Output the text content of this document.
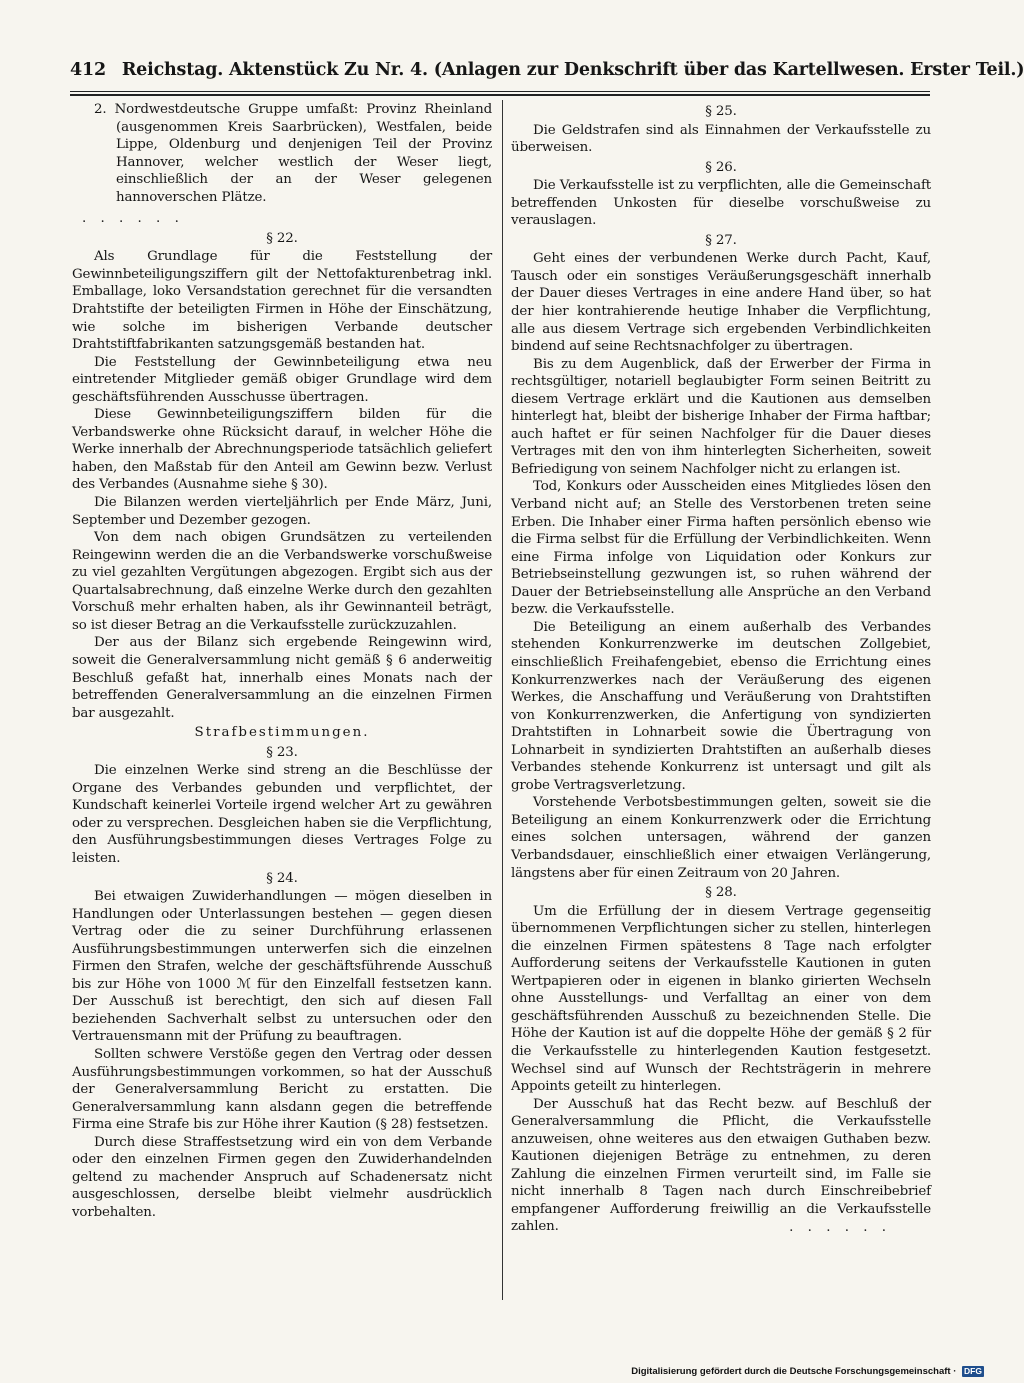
412 Reichstag. Aktenstück Zu Nr. 4. (Anlagen zur Denkschrift über das Kartellwesen. Erster Teil.)

2. Nordwestdeutsche Gruppe umfaßt: Provinz Rheinland (ausgenommen Kreis Saarbrücken), Westfalen, beide Lippe, Oldenburg und denjenigen Teil der Provinz Hannover, welcher westlich der Weser liegt, einschließlich der an der Weser gelegenen hannoverschen Plätze.

. . . . . .

§ 22.

Als Grundlage für die Feststellung der Gewinnbeteiligungsziffern gilt der Nettofakturenbetrag inkl. Emballage, loko Versandstation gerechnet für die versandten Drahtstifte der beteiligten Firmen in Höhe der Einschätzung, wie solche im bisherigen Verbande deutscher Drahtstiftfabrikanten satzungsgemäß bestanden hat.

Die Feststellung der Gewinnbeteiligung etwa neu eintretender Mitglieder gemäß obiger Grundlage wird dem geschäftsführenden Ausschusse übertragen.

Diese Gewinnbeteiligungsziffern bilden für die Verbandswerke ohne Rücksicht darauf, in welcher Höhe die Werke innerhalb der Abrechnungsperiode tatsächlich geliefert haben, den Maßstab für den Anteil am Gewinn bezw. Verlust des Verbandes (Ausnahme siehe § 30).

Die Bilanzen werden vierteljährlich per Ende März, Juni, September und Dezember gezogen.

Von dem nach obigen Grundsätzen zu verteilenden Reingewinn werden die an die Verbandswerke vorschußweise zu viel gezahlten Vergütungen abgezogen. Ergibt sich aus der Quartalsabrechnung, daß einzelne Werke durch den gezahlten Vorschuß mehr erhalten haben, als ihr Gewinnanteil beträgt, so ist dieser Betrag an die Verkaufsstelle zurückzuzahlen.

Der aus der Bilanz sich ergebende Reingewinn wird, soweit die Generalversammlung nicht gemäß § 6 anderweitig Beschluß gefaßt hat, innerhalb eines Monats nach der betreffenden Generalversammlung an die einzelnen Firmen bar ausgezahlt.

Strafbestimmungen.

§ 23.

Die einzelnen Werke sind streng an die Beschlüsse der Organe des Verbandes gebunden und verpflichtet, der Kundschaft keinerlei Vorteile irgend welcher Art zu gewähren oder zu versprechen. Desgleichen haben sie die Verpflichtung, den Ausführungsbestimmungen dieses Vertrages Folge zu leisten.

§ 24.

Bei etwaigen Zuwiderhandlungen — mögen dieselben in Handlungen oder Unterlassungen bestehen — gegen diesen Vertrag oder die zu seiner Durchführung erlassenen Ausführungsbestimmungen unterwerfen sich die einzelnen Firmen den Strafen, welche der geschäftsführende Ausschuß bis zur Höhe von 1000 ℳ für den Einzelfall festsetzen kann. Der Ausschuß ist berechtigt, den sich auf diesen Fall beziehenden Sachverhalt selbst zu untersuchen oder den Vertrauensmann mit der Prüfung zu beauftragen.

Sollten schwere Verstöße gegen den Vertrag oder dessen Ausführungsbestimmungen vorkommen, so hat der Ausschuß der Generalversammlung Bericht zu erstatten. Die Generalversammlung kann alsdann gegen die betreffende Firma eine Strafe bis zur Höhe ihrer Kaution (§ 28) festsetzen.

Durch diese Straffestsetzung wird ein von dem Verbande oder den einzelnen Firmen gegen den Zuwiderhandelnden geltend zu machender Anspruch auf Schadenersatz nicht ausgeschlossen, derselbe bleibt vielmehr ausdrücklich vorbehalten.

§ 25.

Die Geldstrafen sind als Einnahmen der Verkaufsstelle zu überweisen.

§ 26.

Die Verkaufsstelle ist zu verpflichten, alle die Gemeinschaft betreffenden Unkosten für dieselbe vorschußweise zu verauslagen.

§ 27.

Geht eines der verbundenen Werke durch Pacht, Kauf, Tausch oder ein sonstiges Veräußerungsgeschäft innerhalb der Dauer dieses Vertrages in eine andere Hand über, so hat der hier kontrahierende heutige Inhaber die Verpflichtung, alle aus diesem Vertrage sich ergebenden Verbindlichkeiten bindend auf seine Rechtsnachfolger zu übertragen.

Bis zu dem Augenblick, daß der Erwerber der Firma in rechtsgültiger, notariell beglaubigter Form seinen Beitritt zu diesem Vertrage erklärt und die Kautionen aus demselben hinterlegt hat, bleibt der bisherige Inhaber der Firma haftbar; auch haftet er für seinen Nachfolger für die Dauer dieses Vertrages mit den von ihm hinterlegten Sicherheiten, soweit Befriedigung von seinem Nachfolger nicht zu erlangen ist.

Tod, Konkurs oder Ausscheiden eines Mitgliedes lösen den Verband nicht auf; an Stelle des Verstorbenen treten seine Erben. Die Inhaber einer Firma haften persönlich ebenso wie die Firma selbst für die Erfüllung der Verbindlichkeiten. Wenn eine Firma infolge von Liquidation oder Konkurs zur Betriebseinstellung gezwungen ist, so ruhen während der Dauer der Betriebseinstellung alle Ansprüche an den Verband bezw. die Verkaufsstelle.

Die Beteiligung an einem außerhalb des Verbandes stehenden Konkurrenzwerke im deutschen Zollgebiet, einschließlich Freihafengebiet, ebenso die Errichtung eines Konkurrenzwerkes nach der Veräußerung des eigenen Werkes, die Anschaffung und Veräußerung von Drahtstiften von Konkurrenzwerken, die Anfertigung von syndizierten Drahtstiften in Lohnarbeit sowie die Übertragung von Lohnarbeit in syndizierten Drahtstiften an außerhalb dieses Verbandes stehende Konkurrenz ist untersagt und gilt als grobe Vertragsverletzung.

Vorstehende Verbotsbestimmungen gelten, soweit sie die Beteiligung an einem Konkurrenzwerk oder die Errichtung eines solchen untersagen, während der ganzen Verbandsdauer, einschließlich einer etwaigen Verlängerung, längstens aber für einen Zeitraum von 20 Jahren.

§ 28.

Um die Erfüllung der in diesem Vertrage gegenseitig übernommenen Verpflichtungen sicher zu stellen, hinterlegen die einzelnen Firmen spätestens 8 Tage nach erfolgter Aufforderung seitens der Verkaufsstelle Kautionen in guten Wertpapieren oder in eigenen in blanko girierten Wechseln ohne Ausstellungs- und Verfalltag an einer von dem geschäftsführenden Ausschuß zu bezeichnenden Stelle. Die Höhe der Kaution ist auf die doppelte Höhe der gemäß § 2 für die Verkaufsstelle zu hinterlegenden Kaution festgesetzt. Wechsel sind auf Wunsch der Rechtsträgerin in mehrere Appoints geteilt zu hinterlegen.

Der Ausschuß hat das Recht bezw. auf Beschluß der Generalversammlung die Pflicht, die Verkaufsstelle anzuweisen, ohne weiteres aus den etwaigen Guthaben bezw. Kautionen diejenigen Beträge zu entnehmen, zu deren Zahlung die einzelnen Firmen verurteilt sind, im Falle sie nicht innerhalb 8 Tagen nach durch Einschreibebrief empfangener Aufforderung freiwillig an die Verkaufsstelle zahlen.	. . . . . .

Digitalisierung gefördert durch die Deutsche Forschungsgemeinschaft · DFG
